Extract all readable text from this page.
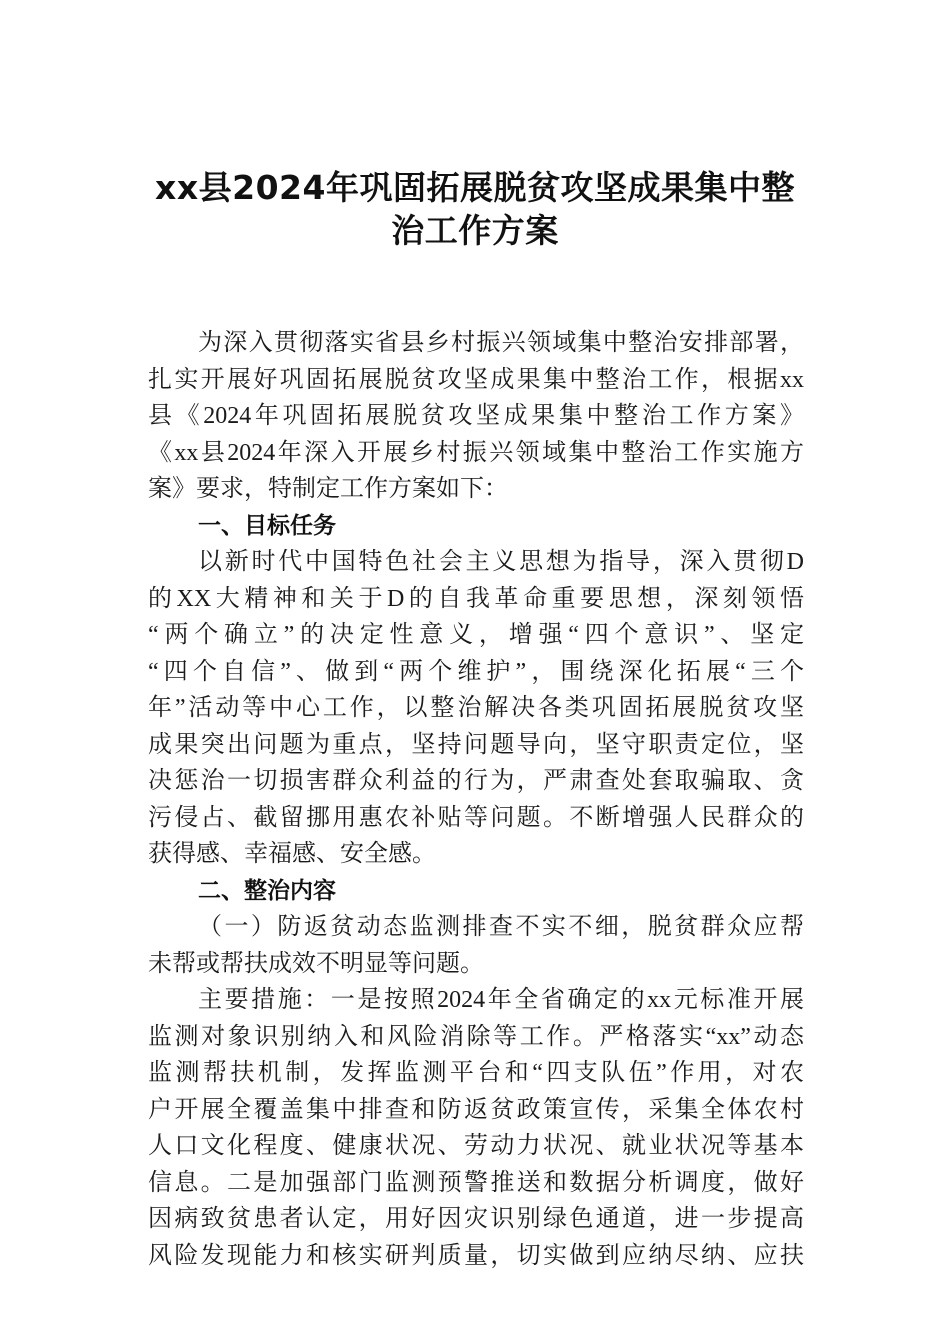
xx县2024年巩固拓展脱贫攻坚成果集中整
治工作方案
为深入贯彻落实省县乡村振兴领域集中整治安排部署，
扎实开展好巩固拓展脱贫攻坚成果集中整治工作，根据xx
县《2024年巩固拓展脱贫攻坚成果集中整治工作方案》
《xx县2024年深入开展乡村振兴领域集中整治工作实施方
案》要求，特制定工作方案如下：
一、目标任务
以新时代中国特色社会主义思想为指导，深入贯彻D
的XX大精神和关于D的自我革命重要思想，深刻领悟
“两个确立”的决定性意义，增强“四个意识”、坚定
“四个自信”、做到“两个维护”，围绕深化拓展“三个
年”活动等中心工作，以整治解决各类巩固拓展脱贫攻坚
成果突出问题为重点，坚持问题导向，坚守职责定位，坚
决惩治一切损害群众利益的行为，严肃查处套取骗取、贪
污侵占、截留挪用惠农补贴等问题。不断增强人民群众的
获得感、幸福感、安全感。
二、整治内容
（一）防返贫动态监测排查不实不细，脱贫群众应帮
未帮或帮扶成效不明显等问题。
主要措施：一是按照2024年全省确定的xx元标准开展
监测对象识别纳入和风险消除等工作。严格落实“xx”动态
监测帮扶机制，发挥监测平台和“四支队伍”作用，对农
户开展全覆盖集中排查和防返贫政策宣传，采集全体农村
人口文化程度、健康状况、劳动力状况、就业状况等基本
信息。二是加强部门监测预警推送和数据分析调度，做好
因病致贫患者认定，用好因灾识别绿色通道，进一步提高
风险发现能力和核实研判质量，切实做到应纳尽纳、应扶
